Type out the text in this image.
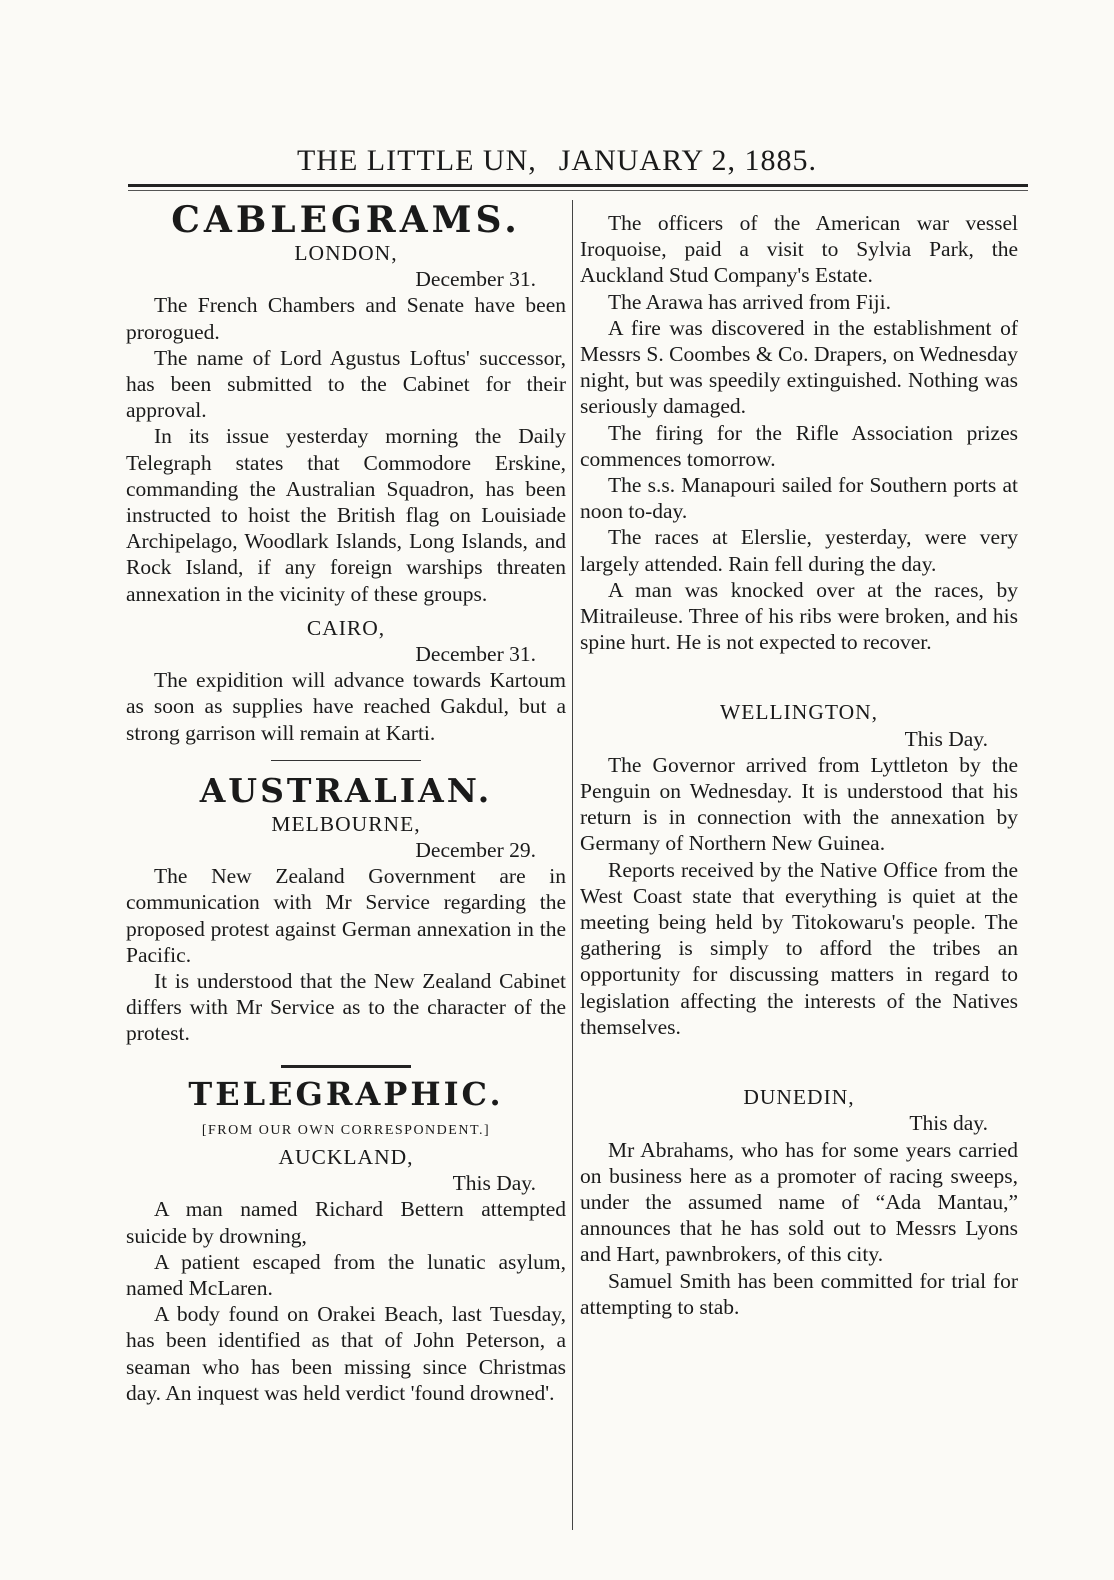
THE LITTLE UN, JANUARY 2, 1885.
CABLEGRAMS.

LONDON,

December 31.

The French Chambers and Senate have been prorogued.

The name of Lord Agustus Loftus' successor, has been submitted to the Cabinet for their approval.

In its issue yesterday morning the Daily Telegraph states that Commodore Erskine, commanding the Australian Squadron, has been instructed to hoist the British flag on Louisiade Archipelago, Woodlark Islands, Long Islands, and Rock Island, if any foreign warships threaten annexation in the vicinity of these groups.

CAIRO,

December 31.

The expidition will advance towards Kartoum as soon as supplies have reached Gakdul, but a strong garrison will remain at Karti.

AUSTRALIAN.

MELBOURNE,

December 29.

The New Zealand Government are in communication with Mr Service regarding the proposed protest against German annexation in the Pacific.

It is understood that the New Zealand Cabinet differs with Mr Service as to the character of the protest.

TELEGRAPHIC.

[FROM OUR OWN CORRESPONDENT.]

AUCKLAND,

This Day.

A man named Richard Bettern attempted suicide by drowning,

A patient escaped from the lunatic asylum, named McLaren.

A body found on Orakei Beach, last Tuesday, has been identified as that of John Peterson, a seaman who has been missing since Christmas day. An inquest was held verdict 'found drowned'.

The officers of the American war vessel Iroquoise, paid a visit to Sylvia Park, the Auckland Stud Company's Estate.

The Arawa has arrived from Fiji.

A fire was discovered in the establishment of Messrs S. Coombes & Co. Drapers, on Wednesday night, but was speedily extinguished. Nothing was seriously damaged.

The firing for the Rifle Association prizes commences tomorrow.

The s.s. Manapouri sailed for Southern ports at noon to-day.

The races at Elerslie, yesterday, were very largely attended. Rain fell during the day.

A man was knocked over at the races, by Mitraileuse. Three of his ribs were broken, and his spine hurt. He is not expected to recover.

WELLINGTON,

This Day.

The Governor arrived from Lyttleton by the Penguin on Wednesday. It is understood that his return is in connection with the annexation by Germany of Northern New Guinea.

Reports received by the Native Office from the West Coast state that everything is quiet at the meeting being held by Titokowaru's people. The gathering is simply to afford the tribes an opportunity for discussing matters in regard to legislation affecting the interests of the Natives themselves.

DUNEDIN,

This day.

Mr Abrahams, who has for some years carried on business here as a promoter of racing sweeps, under the assumed name of “Ada Mantau,” announces that he has sold out to Messrs Lyons and Hart, pawnbrokers, of this city.

Samuel Smith has been committed for trial for attempting to stab.
